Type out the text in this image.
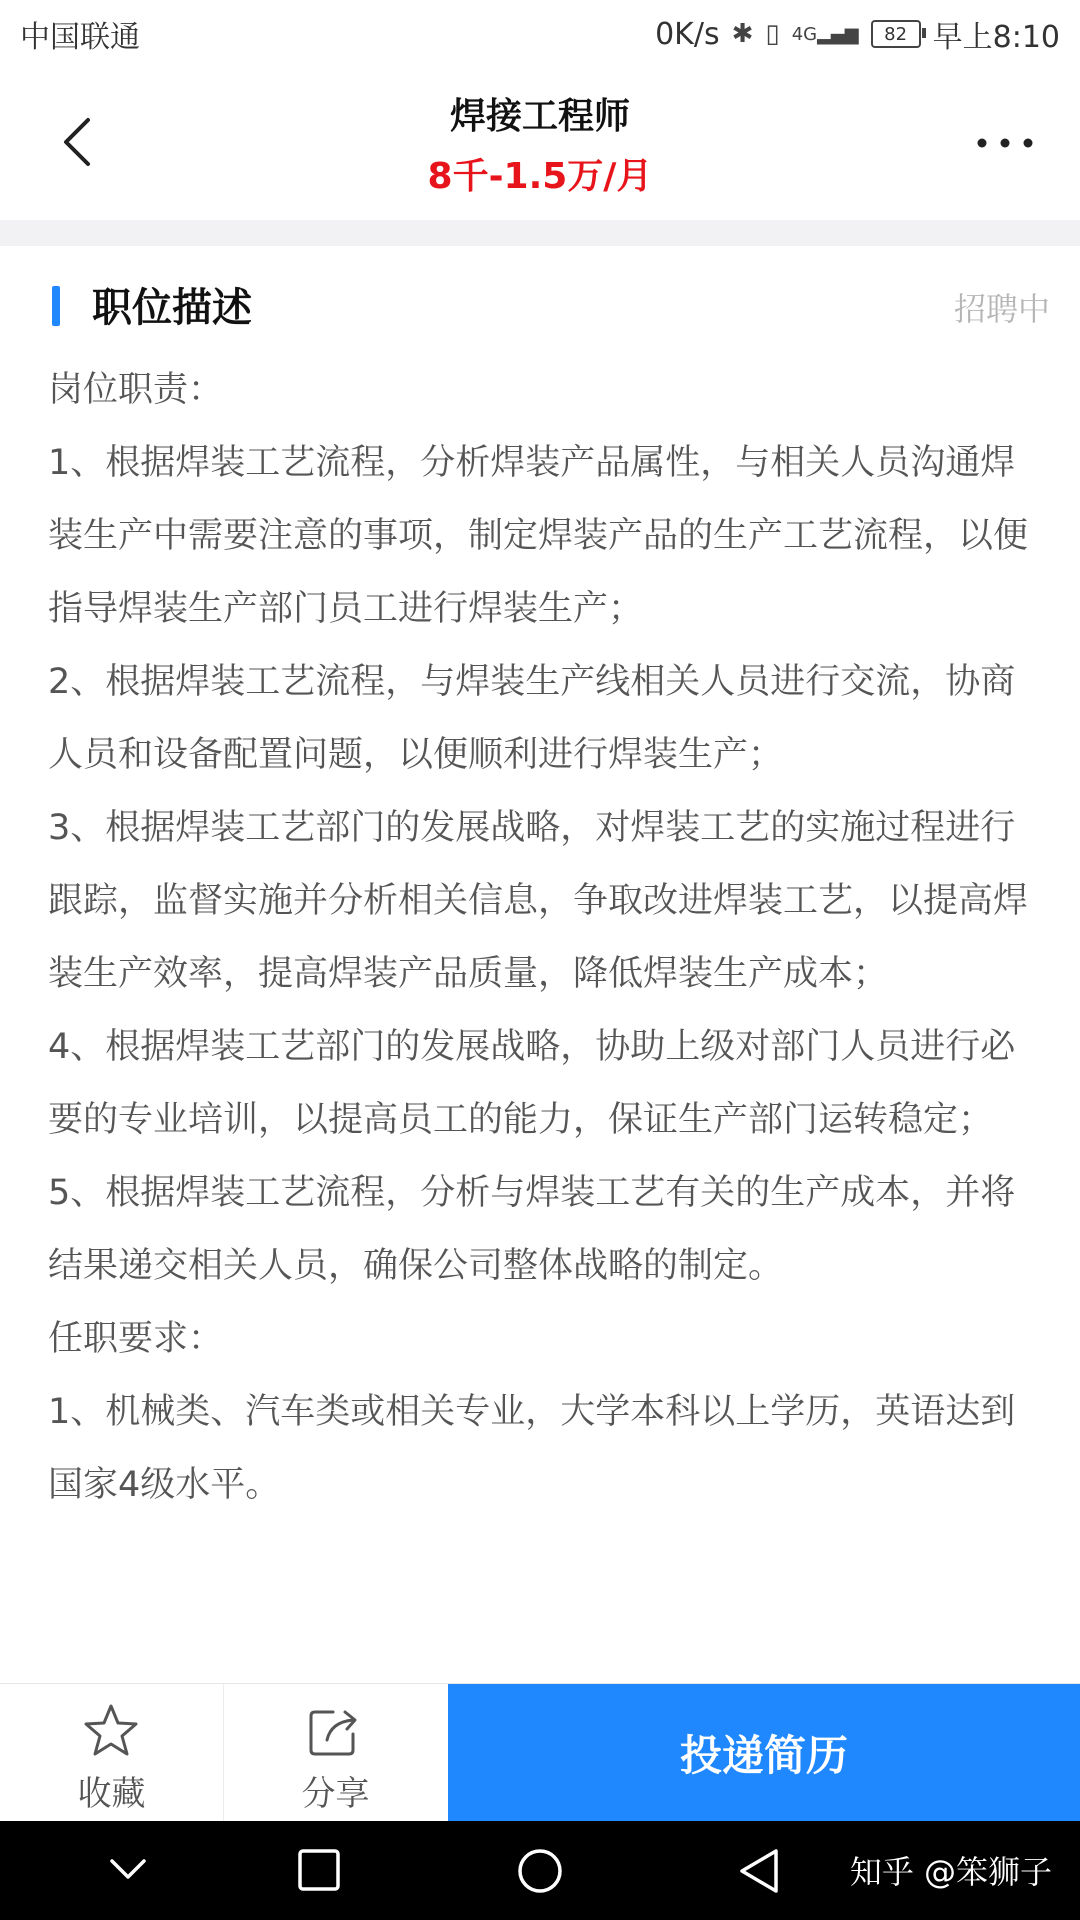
中国联通	0K/s ✱ ▯ 4G▂▄▆ 82 早上8:10
焊接工程师
8千-1.5万/月
职位描述	招聘中

岗位职责：

1、根据焊装工艺流程，分析焊装产品属性，与相关人员沟通焊装生产中需要注意的事项，制定焊装产品的生产工艺流程，以便指导焊装生产部门员工进行焊装生产；

2、根据焊装工艺流程，与焊装生产线相关人员进行交流，协商人员和设备配置问题，以便顺利进行焊装生产；

3、根据焊装工艺部门的发展战略，对焊装工艺的实施过程进行跟踪，监督实施并分析相关信息，争取改进焊装工艺，以提高焊装生产效率，提高焊装产品质量，降低焊装生产成本；

4、根据焊装工艺部门的发展战略，协助上级对部门人员进行必要的专业培训，以提高员工的能力，保证生产部门运转稳定；

5、根据焊装工艺流程，分析与焊装工艺有关的生产成本，并将结果递交相关人员，确保公司整体战略的制定。

任职要求：

1、机械类、汽车类或相关专业，大学本科以上学历，英语达到国家4级水平。

收藏	分享
投递简历
知乎 @笨狮子
